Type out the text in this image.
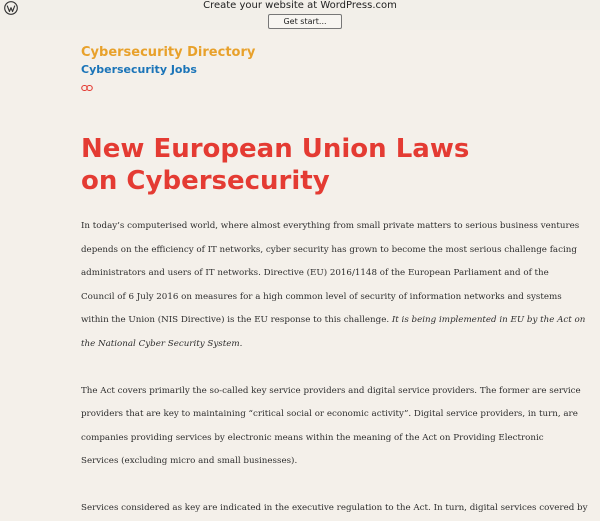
Create your website at WordPress.com
Get start...
Cybersecurity Directory
Cybersecurity Jobs
New European Union Laws
on Cybersecurity
In today’s computerised world, where almost everything from small private matters to serious business ventures
depends on the efficiency of IT networks, cyber security has grown to become the most serious challenge facing
administrators and users of IT networks. Directive (EU) 2016/1148 of the European Parliament and of the
Council of 6 July 2016 on measures for a high common level of security of information networks and systems
within the Union (NIS Directive) is the EU response to this challenge. It is being implemented in EU by the Act on
the National Cyber Security System.
The Act covers primarily the so-called key service providers and digital service providers. The former are service
providers that are key to maintaining “critical social or economic activity”. Digital service providers, in turn, are
companies providing services by electronic means within the meaning of the Act on Providing Electronic
Services (excluding micro and small businesses).
Services considered as key are indicated in the executive regulation to the Act. In turn, digital services covered by
